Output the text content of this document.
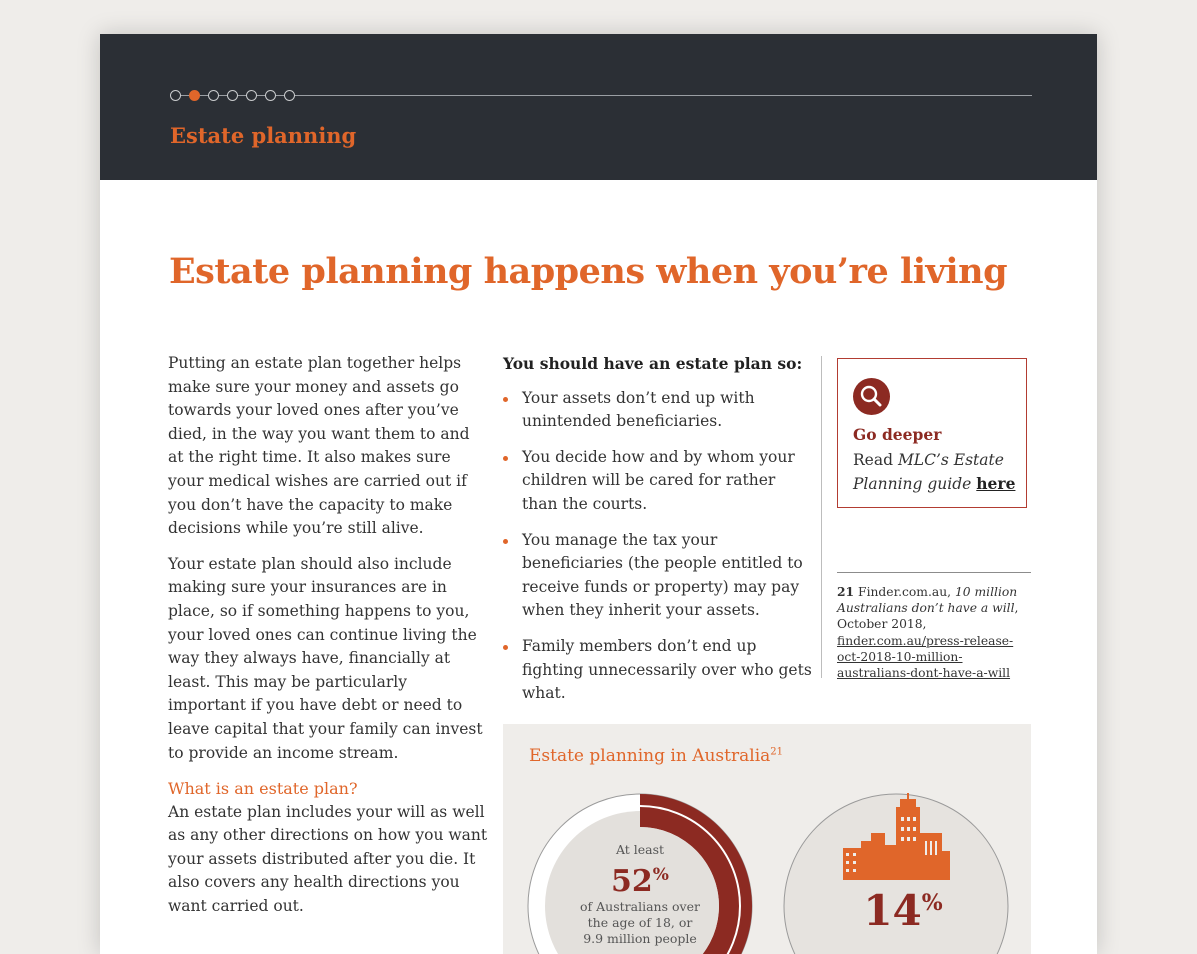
Estate planning
Estate planning happens when you’re living

Putting an estate plan together helps make sure your money and assets go towards your loved ones after you’ve died, in the way you want them to and at the right time. It also makes sure your medical wishes are carried out if you don’t have the capacity to make decisions while you’re still alive.

Your estate plan should also include making sure your insurances are in place, so if something happens to you, your loved ones can continue living the way they always have, financially at least. This may be particularly important if you have debt or need to leave capital that your family can invest to provide an income stream.

What is an estate plan?

An estate plan includes your will as well as any other directions on how you want your assets distributed after you die. It also covers any health directions you want carried out.

You should have an estate plan so:

Your assets don’t end up with unintended beneficiaries.
You decide how and by whom your children will be cared for rather than the courts.
You manage the tax your beneficiaries (the people entitled to receive funds or property) may pay when they inherit your assets.
Family members don’t end up fighting unnecessarily over who gets what.
Go deeper
Read MLC’s Estate Planning guide here
21 Finder.com.au, 10 million Australians don’t have a will, October 2018, finder.com.au/press-release-oct-2018-10-million-australians-dont-have-a-will
Estate planning in Australia$^{21}$
At least
52%
of Australians over
the age of 18, or
9.9 million people
14%
